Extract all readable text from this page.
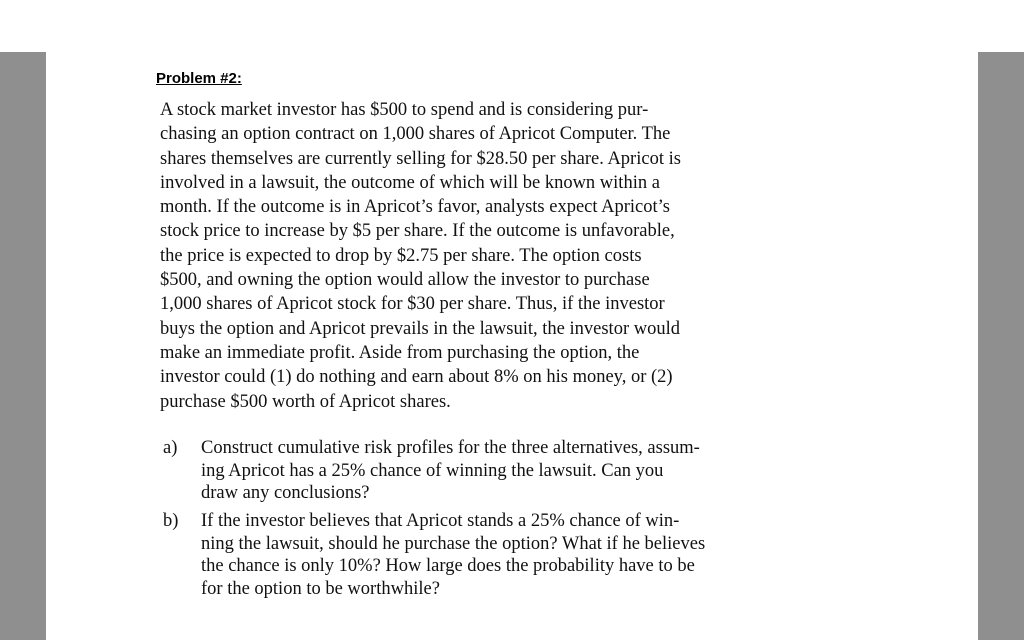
Problem #2:
A stock market investor has $500 to spend and is considering pur-
chasing an option contract on 1,000 shares of Apricot Computer. The
shares themselves are currently selling for $28.50 per share. Apricot is
involved in a lawsuit, the outcome of which will be known within a
month. If the outcome is in Apricot’s favor, analysts expect Apricot’s
stock price to increase by $5 per share. If the outcome is unfavorable,
the price is expected to drop by $2.75 per share. The option costs
$500, and owning the option would allow the investor to purchase
1,000 shares of Apricot stock for $30 per share. Thus, if the investor
buys the option and Apricot prevails in the lawsuit, the investor would
make an immediate profit. Aside from purchasing the option, the
investor could (1) do nothing and earn about 8% on his money, or (2)
purchase $500 worth of Apricot shares.
a)	Construct cumulative risk profiles for the three alternatives, assum-
ing Apricot has a 25% chance of winning the lawsuit. Can you
draw any conclusions?
b)	If the investor believes that Apricot stands a 25% chance of win-
ning the lawsuit, should he purchase the option? What if he believes
the chance is only 10%? How large does the probability have to be
for the option to be worthwhile?
